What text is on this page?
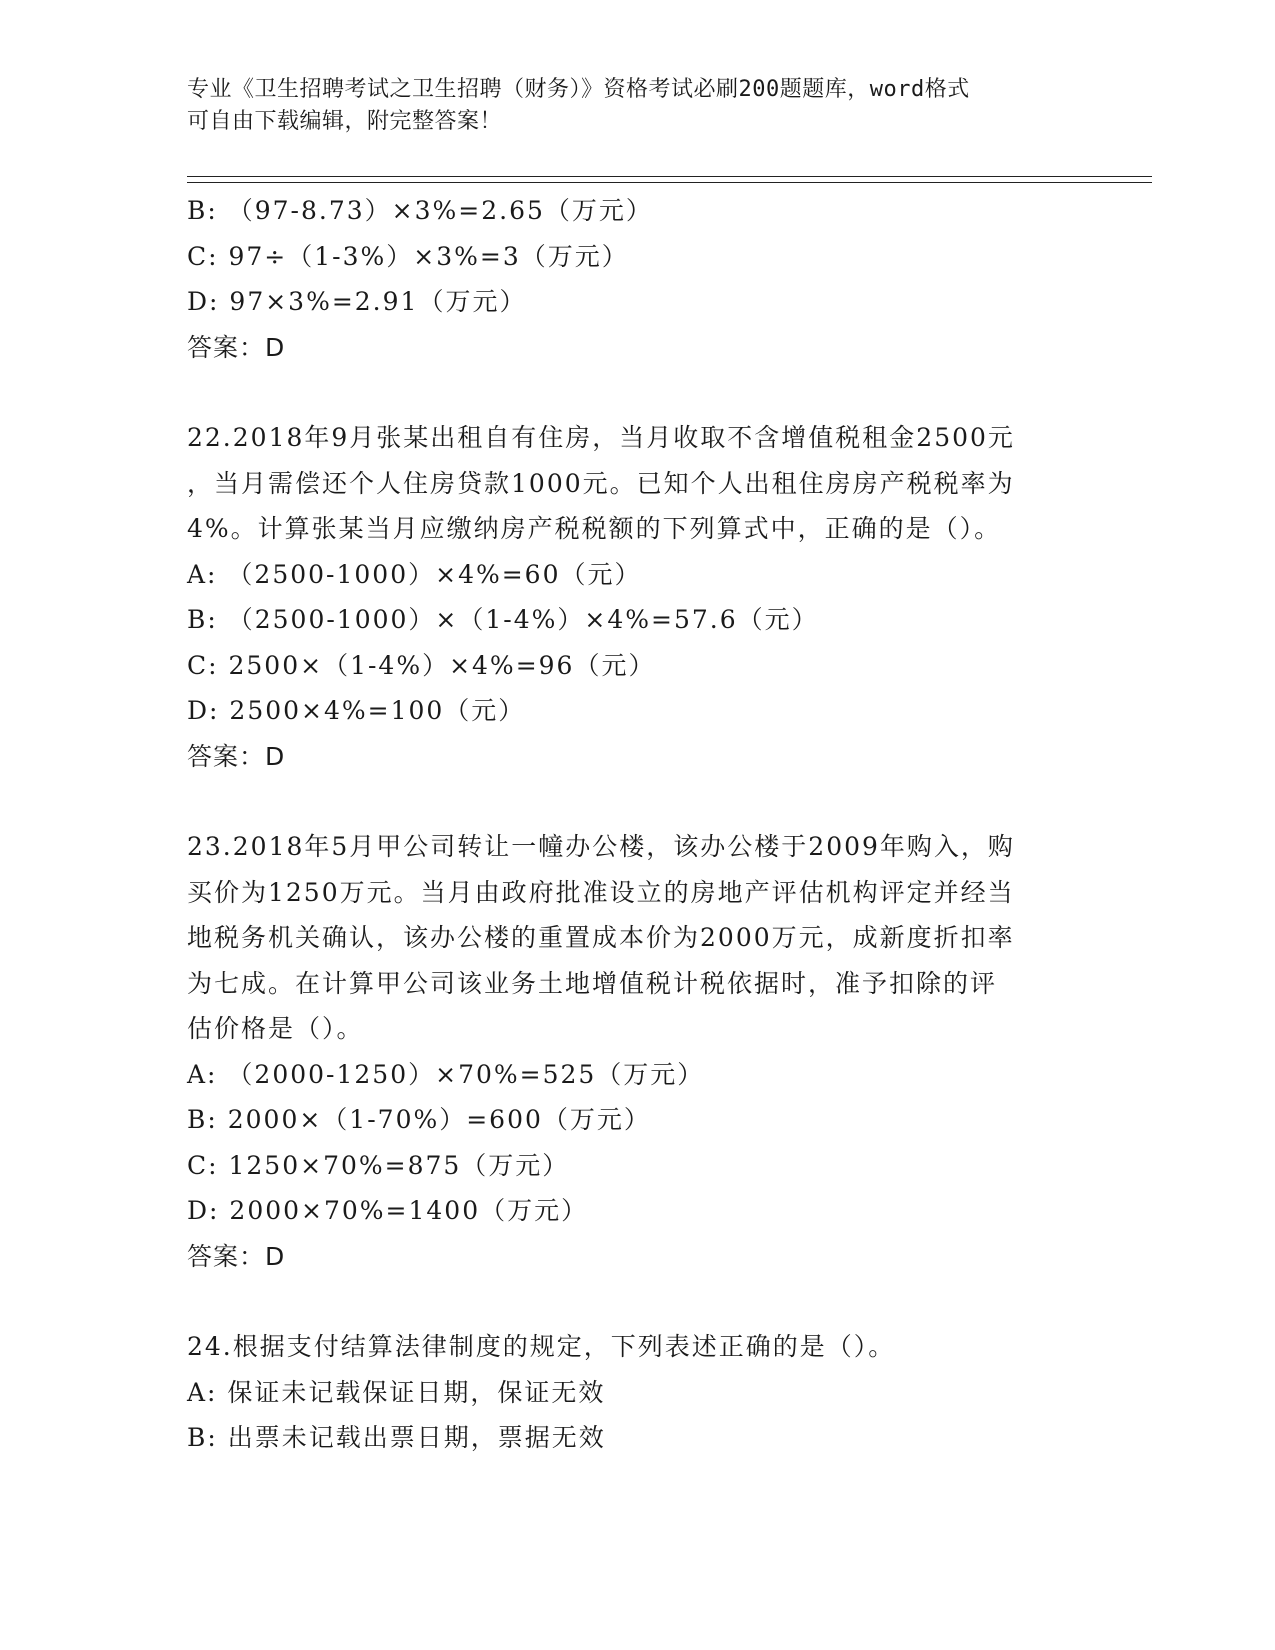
专业《卫生招聘考试之卫生招聘（财务）》资格考试必刷200题题库，word格式
可自由下载编辑，附完整答案！
B: （97-8.73）×3%=2.65（万元）
C: 97÷（1-3%）×3%=3（万元）
D: 97×3%=2.91（万元）
答案：D
22.2018年9月张某出租自有住房，当月收取不含增值税租金2500元
，当月需偿还个人住房贷款1000元。已知个人出租住房房产税税率为
4%。计算张某当月应缴纳房产税税额的下列算式中，正确的是（）。
A: （2500-1000）×4%=60（元）
B: （2500-1000）×（1-4%）×4%=57.6（元）
C: 2500×（1-4%）×4%=96（元）
D: 2500×4%=100（元）
答案：D
23.2018年5月甲公司转让一幢办公楼，该办公楼于2009年购入，购
买价为1250万元。当月由政府批准设立的房地产评估机构评定并经当
地税务机关确认，该办公楼的重置成本价为2000万元，成新度折扣率
为七成。在计算甲公司该业务土地增值税计税依据时，准予扣除的评
估价格是（）。
A: （2000-1250）×70%=525（万元）
B: 2000×（1-70%）=600（万元）
C: 1250×70%=875（万元）
D: 2000×70%=1400（万元）
答案：D
24.根据支付结算法律制度的规定，下列表述正确的是（）。
A: 保证未记载保证日期，保证无效
B: 出票未记载出票日期，票据无效
